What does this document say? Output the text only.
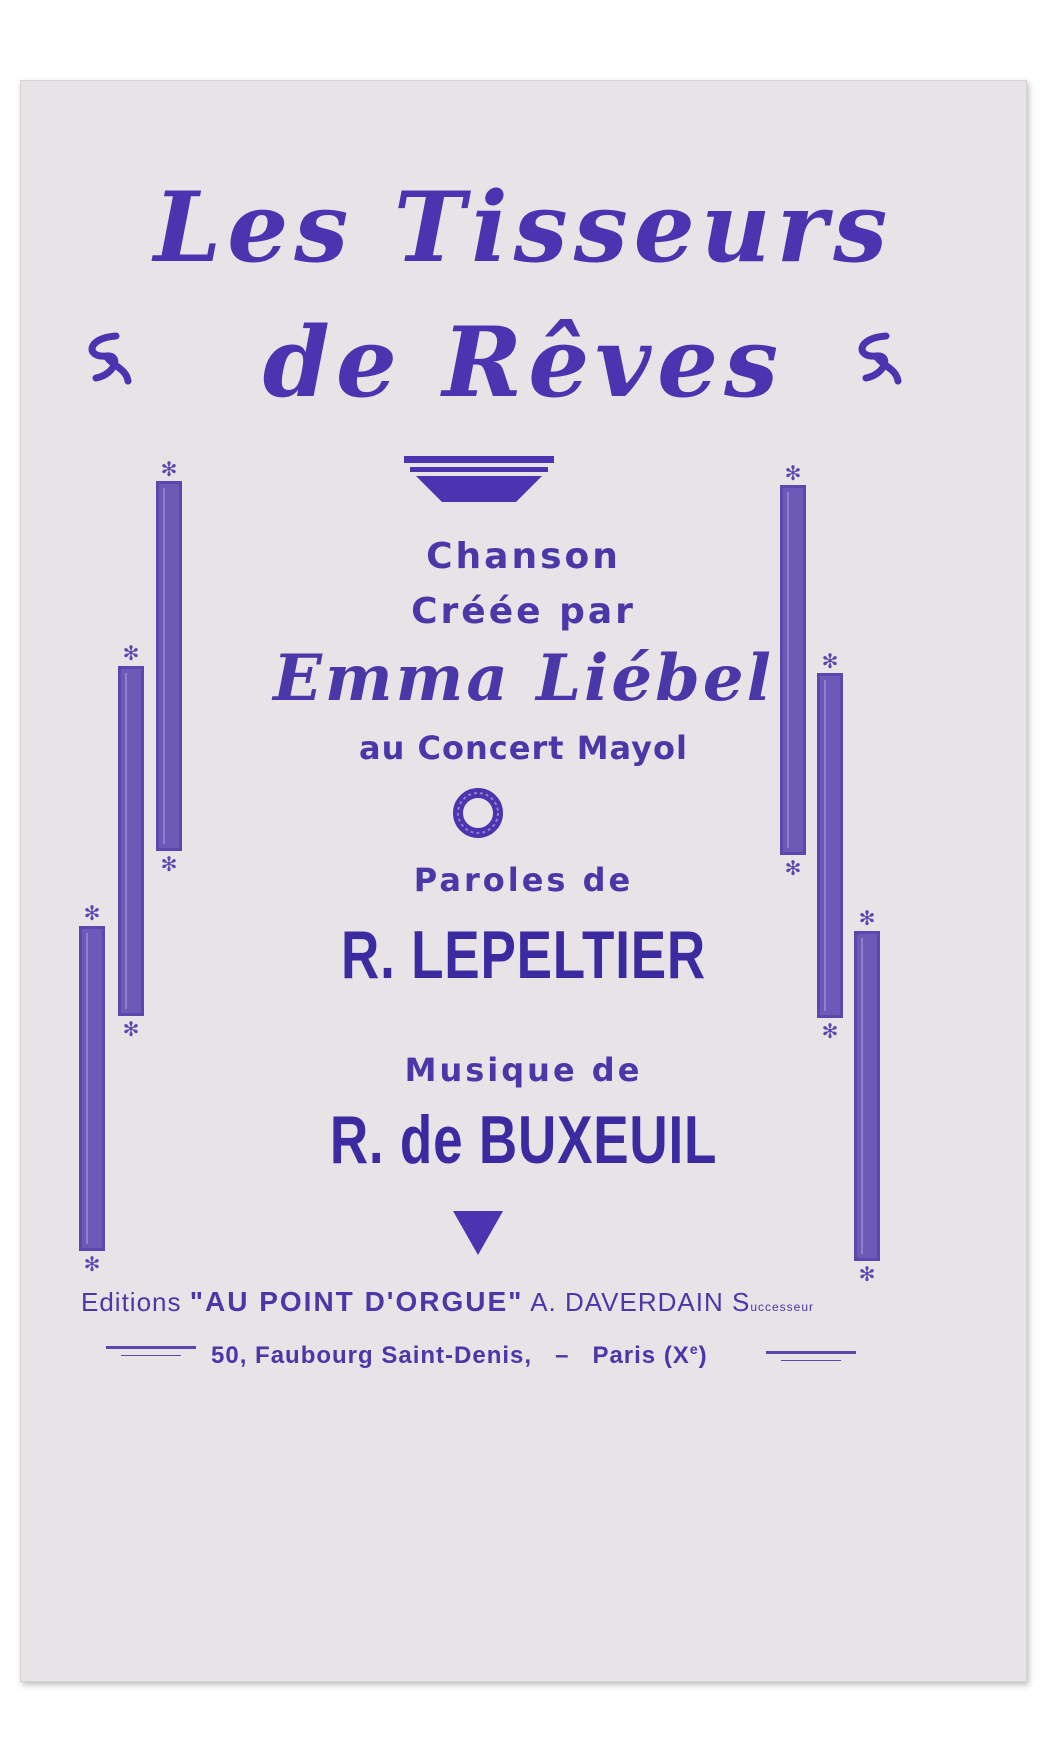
Les Tisseurs
de Rêves
✻
✻
✻
✻
✻
✻
✻
✻
✻
✻
✻
✻
Chanson
Créée par
Emma Liébel
au Concert Mayol
Paroles de
R. LEPELTIER
Musique de
R. de BUXEUIL
Editions "AU POINT D'ORGUE" A. DAVERDAIN Successeur
50, Faubourg Saint-Denis, – Paris (Xe)
